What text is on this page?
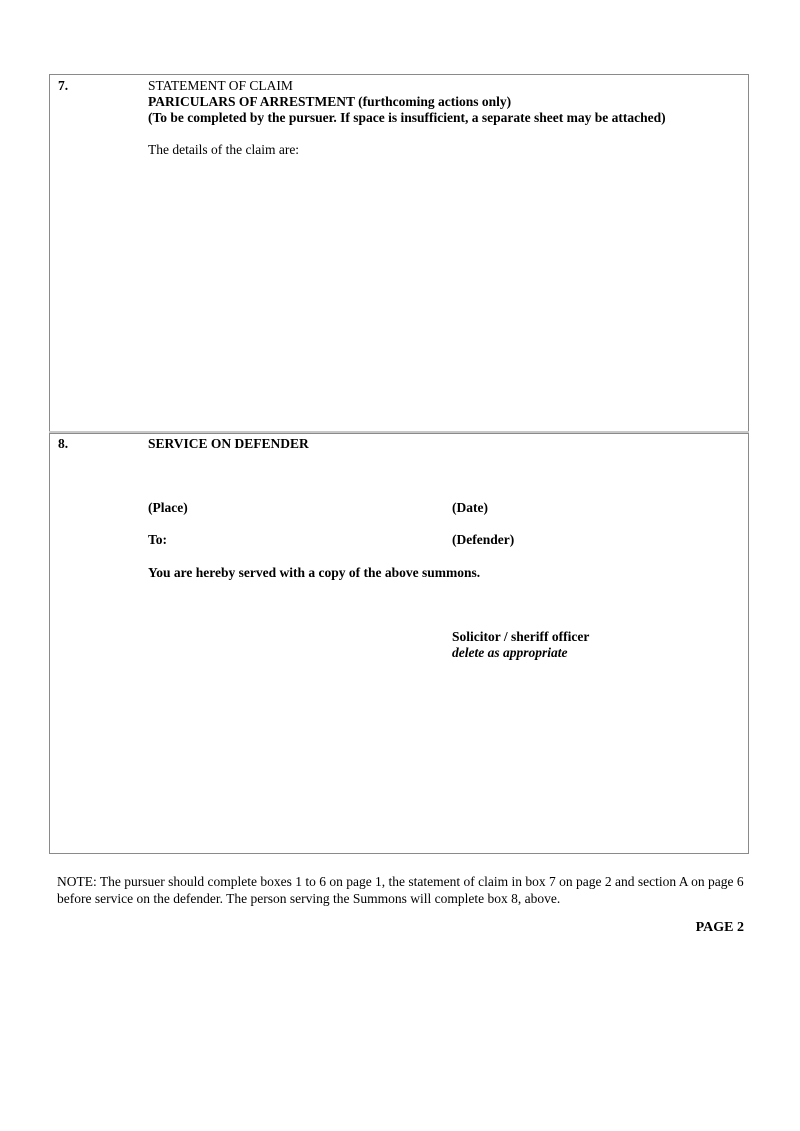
7.	STATEMENT OF CLAIM
PARICULARS OF ARRESTMENT (furthcoming actions only)
(To be completed by the pursuer. If space is insufficient, a separate sheet may be attached)
The details of the claim are:
8.	SERVICE ON DEFENDER
(Place)	(Date)
To:	(Defender)
You are hereby served with a copy of the above summons.
Solicitor / sheriff officer
delete as appropriate
NOTE: The pursuer should complete boxes 1 to 6 on page 1, the statement of claim in box 7 on page 2 and section A on page 6 before service on the defender. The person serving the Summons will complete box 8, above.
PAGE 2
